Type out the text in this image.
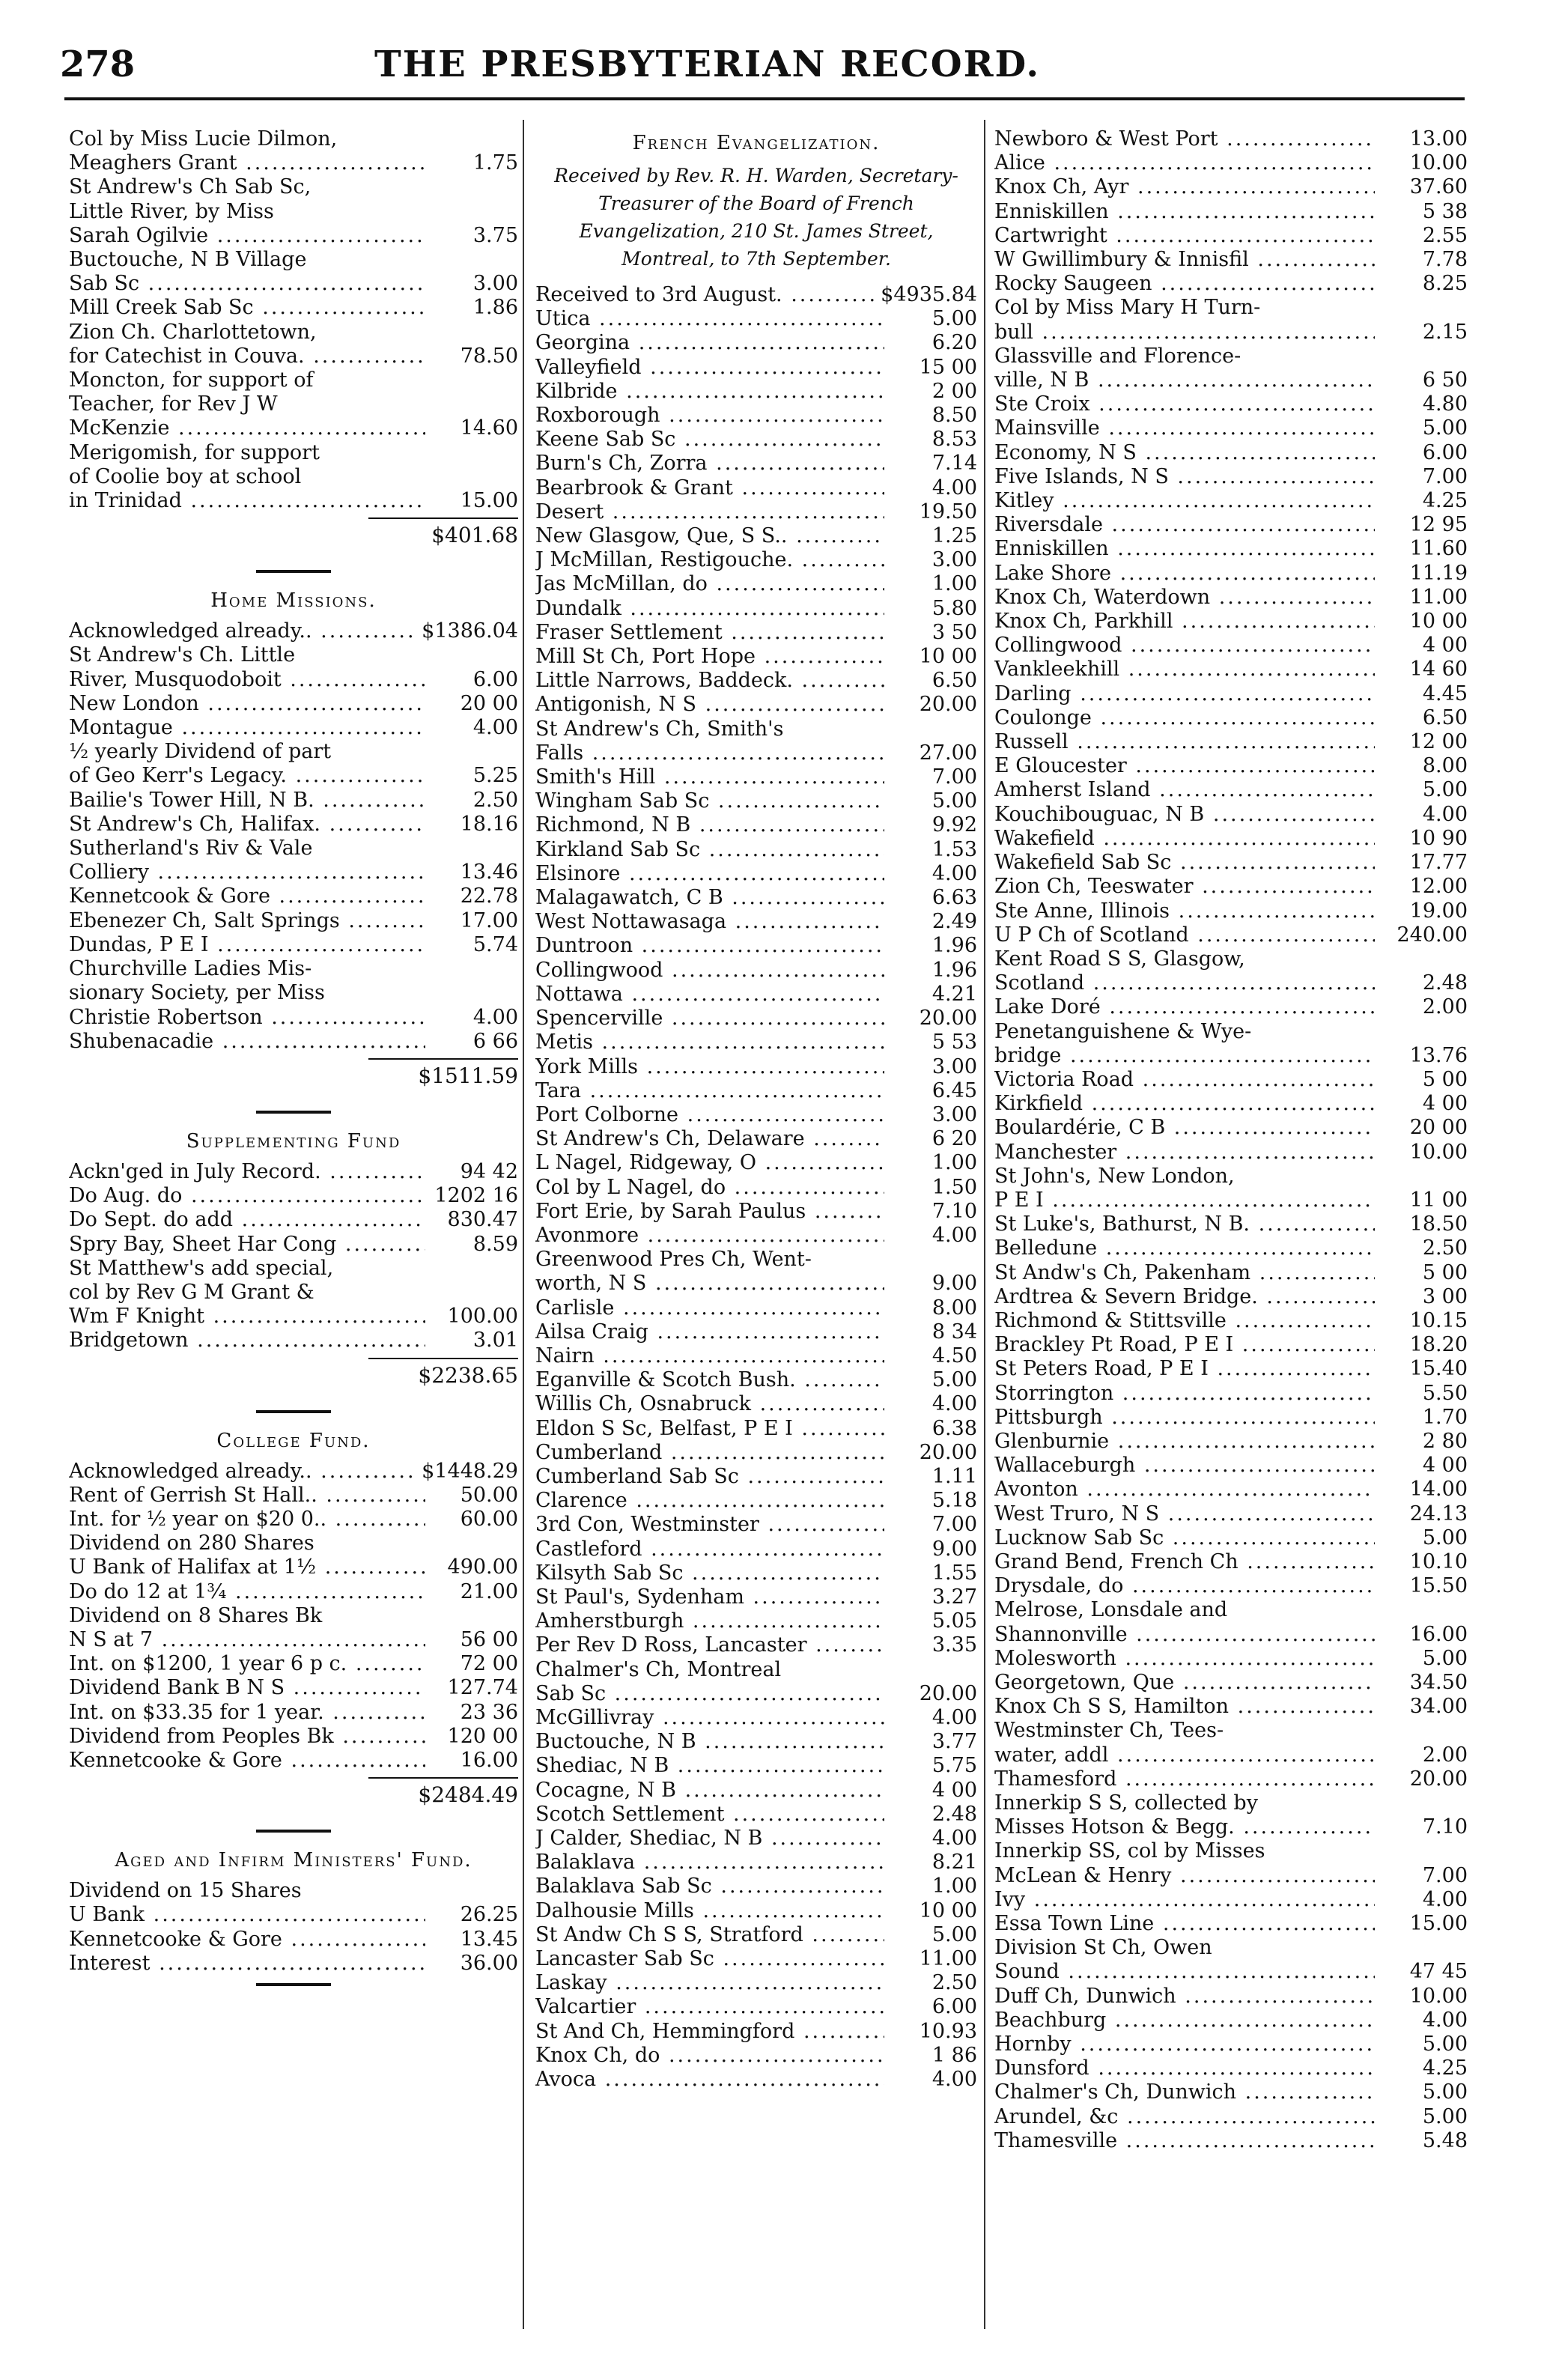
278	THE PRESBYTERIAN RECORD.
Col by Miss Lucie Dilmon,
Meaghers Grant .....	1.75
St Andrew's Ch Sab Sc,
Little River, by Miss
Sarah Ogilvie .....	3.75
Buctouche, N B Village
Sab Sc .....	3.00
Mill Creek Sab Sc .....	1.86
Zion Ch. Charlottetown,
for Catechist in Couva. .....	78.50
Moncton, for support of
Teacher, for Rev J W
McKenzie .....	14.60
Merigomish, for support
of Coolie boy at school
in Trinidad .....	15.00
$401.68
Home Missions.
Acknowledged already.. .....	$1386.04
St Andrew's Ch. Little
River, Musquodoboit .....	6.00
New London .....	20 00
Montague .....	4.00
½ yearly Dividend of part
of Geo Kerr's Legacy. .....	5.25
Bailie's Tower Hill, N B. .....	2.50
St Andrew's Ch, Halifax. .....	18.16
Sutherland's Riv & Vale
Colliery .....	13.46
Kennetcook & Gore .....	22.78
Ebenezer Ch, Salt Springs .....	17.00
Dundas, P E I .....	5.74
Churchville Ladies Mis-
sionary Society, per Miss
Christie Robertson .....	4.00
Shubenacadie .....	6 66
$1511.59
Supplementing Fund
Ackn'ged in July Record. .....	94 42
Do Aug. do .....	1202 16
Do Sept. do add .....	830.47
Spry Bay, Sheet Har Cong .....	8.59
St Matthew's add special,
col by Rev G M Grant &
Wm F Knight .....	100.00
Bridgetown .....	3.01
$2238.65
College Fund.
Acknowledged already.. .....	$1448.29
Rent of Gerrish St Hall.. .....	50.00
Int. for ½ year on $20 0.. .....	60.00
Dividend on 280 Shares
U Bank of Halifax at 1½ .....	490.00
Do do 12 at 1¾ .....	21.00
Dividend on 8 Shares Bk
N S at 7 .....	56 00
Int. on $1200, 1 year 6 p c. .....	72 00
Dividend Bank B N S .....	127.74
Int. on $33.35 for 1 year. .....	23 36
Dividend from Peoples Bk .....	120 00
Kennetcooke & Gore .....	16.00
$2484.49
Aged and Infirm Ministers' Fund.
Dividend on 15 Shares
U Bank .....	26.25
Kennetcooke & Gore .....	13.45
Interest .....	36.00
French Evangelization.
Received by Rev. R. H. Warden, Secretary-Treasurer of the Board of French Evangelization, 210 St. James Street, Montreal, to 7th September.
Received to 3rd August. .....	$4935.84
Utica .....	5.00
Georgina .....	6.20
Valleyfield .....	15 00
Kilbride .....	2 00
Roxborough .....	8.50
Keene Sab Sc .....	8.53
Burn's Ch, Zorra .....	7.14
Bearbrook & Grant .....	4.00
Desert .....	19.50
New Glasgow, Que, S S.. .....	1.25
J McMillan, Restigouche. .....	3.00
Jas McMillan, do .....	1.00
Dundalk .....	5.80
Fraser Settlement .....	3 50
Mill St Ch, Port Hope .....	10 00
Little Narrows, Baddeck. .....	6.50
Antigonish, N S .....	20.00
St Andrew's Ch, Smith's
Falls .....	27.00
Smith's Hill .....	7.00
Wingham Sab Sc .....	5.00
Richmond, N B .....	9.92
Kirkland Sab Sc .....	1.53
Elsinore .....	4.00
Malagawatch, C B .....	6.63
West Nottawasaga .....	2.49
Duntroon .....	1.96
Collingwood .....	1.96
Nottawa .....	4.21
Spencerville .....	20.00
Metis .....	5 53
York Mills .....	3.00
Tara .....	6.45
Port Colborne .....	3.00
St Andrew's Ch, Delaware .....	6 20
L Nagel, Ridgeway, O .....	1.00
Col by L Nagel, do .....	1.50
Fort Erie, by Sarah Paulus .....	7.10
Avonmore .....	4.00
Greenwood Pres Ch, Went-
worth, N S .....	9.00
Carlisle .....	8.00
Ailsa Craig .....	8 34
Nairn .....	4.50
Eganville & Scotch Bush. .....	5.00
Willis Ch, Osnabruck .....	4.00
Eldon S Sc, Belfast, P E I .....	6.38
Cumberland .....	20.00
Cumberland Sab Sc .....	1.11
Clarence .....	5.18
3rd Con, Westminster .....	7.00
Castleford .....	9.00
Kilsyth Sab Sc .....	1.55
St Paul's, Sydenham .....	3.27
Amherstburgh .....	5.05
Per Rev D Ross, Lancaster .....	3.35
Chalmer's Ch, Montreal
Sab Sc .....	20.00
McGillivray .....	4.00
Buctouche, N B .....	3.77
Shediac, N B .....	5.75
Cocagne, N B .....	4 00
Scotch Settlement .....	2.48
J Calder, Shediac, N B .....	4.00
Balaklava .....	8.21
Balaklava Sab Sc .....	1.00
Dalhousie Mills .....	10 00
St Andw Ch S S, Stratford .....	5.00
Lancaster Sab Sc .....	11.00
Laskay .....	2.50
Valcartier .....	6.00
St And Ch, Hemmingford .....	10.93
Knox Ch, do .....	1 86
Avoca .....	4.00
Newboro & West Port .....	13.00
Alice .....	10.00
Knox Ch, Ayr .....	37.60
Enniskillen .....	5 38
Cartwright .....	2.55
W Gwillimbury & Innisfil .....	7.78
Rocky Saugeen .....	8.25
Col by Miss Mary H Turn-
bull .....	2.15
Glassville and Florence-
ville, N B .....	6 50
Ste Croix .....	4.80
Mainsville .....	5.00
Economy, N S .....	6.00
Five Islands, N S .....	7.00
Kitley .....	4.25
Riversdale .....	12 95
Enniskillen .....	11.60
Lake Shore .....	11.19
Knox Ch, Waterdown .....	11.00
Knox Ch, Parkhill .....	10 00
Collingwood .....	4 00
Vankleekhill .....	14 60
Darling .....	4.45
Coulonge .....	6.50
Russell .....	12 00
E Gloucester .....	8.00
Amherst Island .....	5.00
Kouchibouguac, N B .....	4.00
Wakefield .....	10 90
Wakefield Sab Sc .....	17.77
Zion Ch, Teeswater .....	12.00
Ste Anne, Illinois .....	19.00
U P Ch of Scotland .....	240.00
Kent Road S S, Glasgow,
Scotland .....	2.48
Lake Doré .....	2.00
Penetanguishene & Wye-
bridge .....	13.76
Victoria Road .....	5 00
Kirkfield .....	4 00
Boulardérie, C B .....	20 00
Manchester .....	10.00
St John's, New London,
P E I .....	11 00
St Luke's, Bathurst, N B. .....	18.50
Belledune .....	2.50
St Andw's Ch, Pakenham .....	5 00
Ardtrea & Severn Bridge. .....	3 00
Richmond & Stittsville .....	10.15
Brackley Pt Road, P E I .....	18.20
St Peters Road, P E I .....	15.40
Storrington .....	5.50
Pittsburgh .....	1.70
Glenburnie .....	2 80
Wallaceburgh .....	4 00
Avonton .....	14.00
West Truro, N S .....	24.13
Lucknow Sab Sc .....	5.00
Grand Bend, French Ch .....	10.10
Drysdale, do .....	15.50
Melrose, Lonsdale and
Shannonville .....	16.00
Molesworth .....	5.00
Georgetown, Que .....	34.50
Knox Ch S S, Hamilton .....	34.00
Westminster Ch, Tees-
water, addl .....	2.00
Thamesford .....	20.00
Innerkip S S, collected by
Misses Hotson & Begg. .....	7.10
Innerkip SS, col by Misses
McLean & Henry .....	7.00
Ivy .....	4.00
Essa Town Line .....	15.00
Division St Ch, Owen
Sound .....	47 45
Duff Ch, Dunwich .....	10.00
Beachburg .....	4.00
Hornby .....	5.00
Dunsford .....	4.25
Chalmer's Ch, Dunwich .....	5.00
Arundel, &c .....	5.00
Thamesville .....	5.48
